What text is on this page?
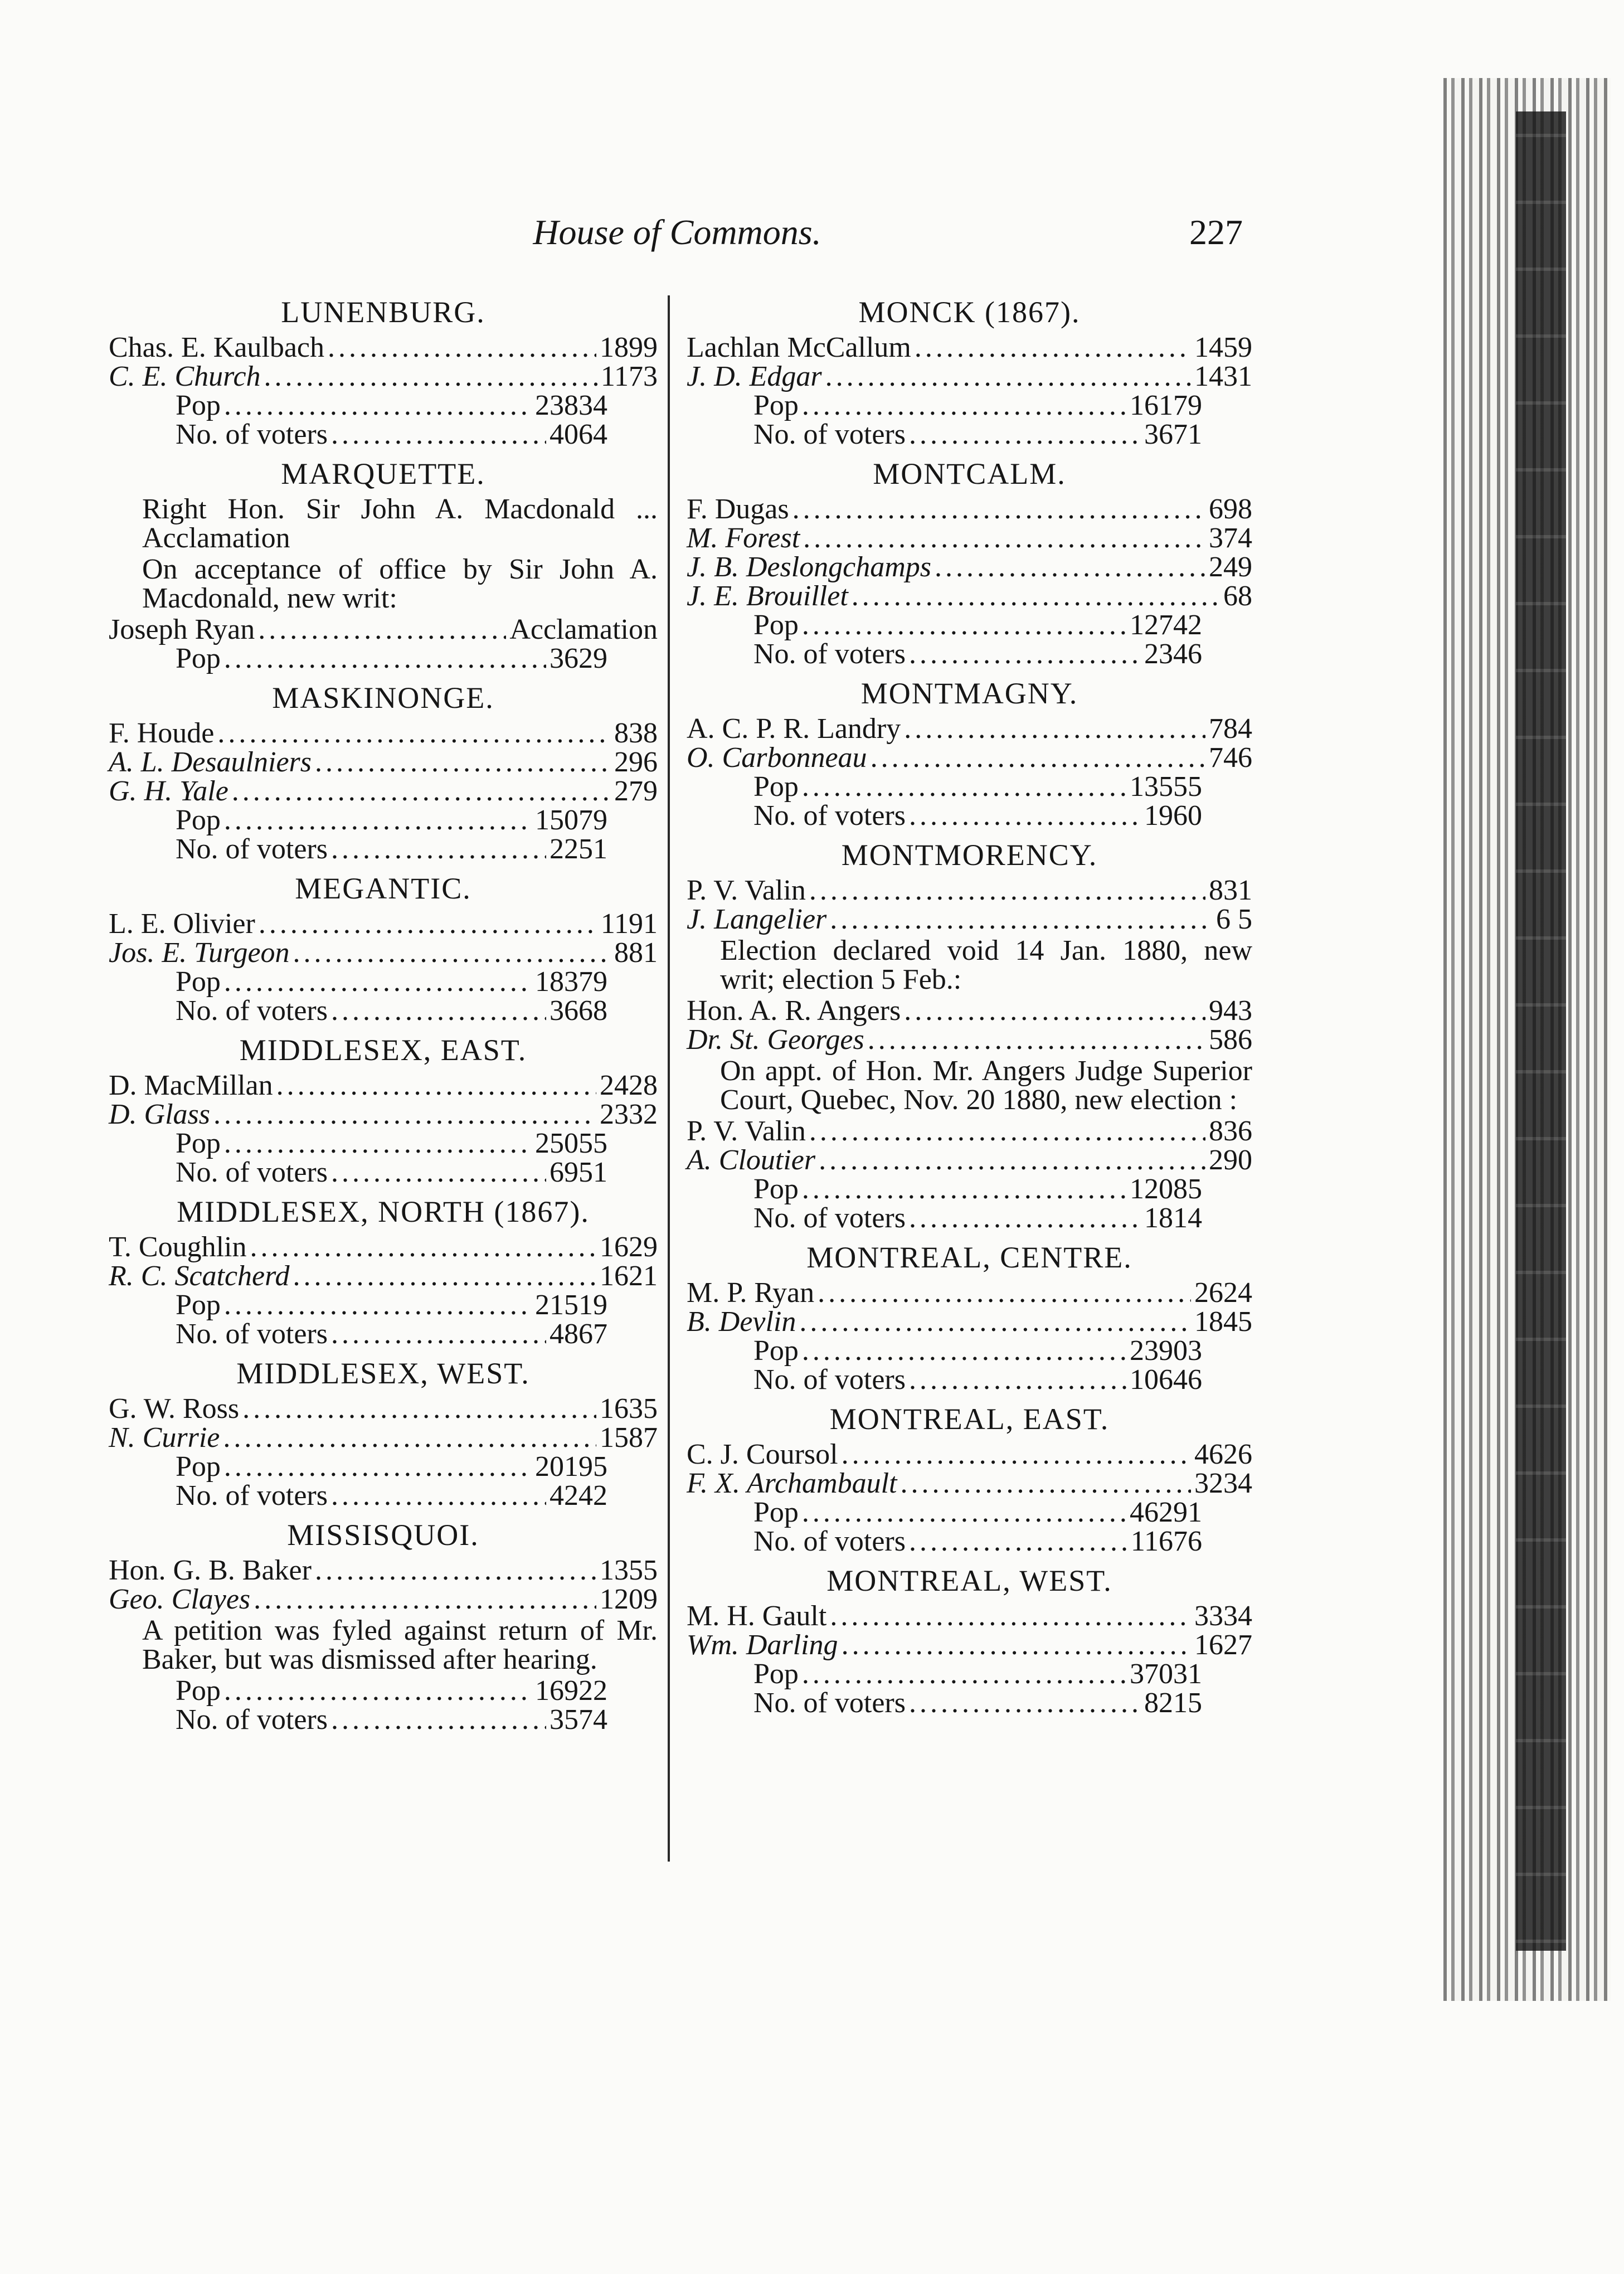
House of Commons.	227
LUNENBURG.
Chas. E. Kaulbach .....	1899
C. E. Church .....	1173
Pop .....	23834
No. of voters .....	4064
MARQUETTE.
Right Hon. Sir John A. Macdonald ... Acclamation
On acceptance of office by Sir John A. Macdonald, new writ:
Joseph Ryan .....	Acclamation
Pop .....	3629
MASKINONGE.
F. Houde .....	838
A. L. Desaulniers .....	296
G. H. Yale .....	279
Pop .....	15079
No. of voters .....	2251
MEGANTIC.
L. E. Olivier .....	1191
Jos. E. Turgeon .....	881
Pop .....	18379
No. of voters .....	3668
MIDDLESEX, EAST.
D. MacMillan .....	2428
D. Glass .....	2332
Pop .....	25055
No. of voters .....	6951
MIDDLESEX, NORTH (1867).
T. Coughlin .....	1629
R. C. Scatcherd .....	1621
Pop .....	21519
No. of voters .....	4867
MIDDLESEX, WEST.
G. W. Ross .....	1635
N. Currie .....	1587
Pop .....	20195
No. of voters .....	4242
MISSISQUOI.
Hon. G. B. Baker .....	1355
Geo. Clayes .....	1209
A petition was fyled against return of Mr. Baker, but was dismissed after hearing.
Pop .....	16922
No. of voters .....	3574
MONCK (1867).
Lachlan McCallum .....	1459
J. D. Edgar .....	1431
Pop .....	16179
No. of voters .....	3671
MONTCALM.
F. Dugas .....	698
M. Forest .....	374
J. B. Deslongchamps .....	249
J. E. Brouillet .....	68
Pop .....	12742
No. of voters .....	2346
MONTMAGNY.
A. C. P. R. Landry .....	784
O. Carbonneau .....	746
Pop .....	13555
No. of voters .....	1960
MONTMORENCY.
P. V. Valin .....	831
J. Langelier .....	6 5
Election declared void 14 Jan. 1880, new writ; election 5 Feb.:
Hon. A. R. Angers .....	943
Dr. St. Georges .....	586
On appt. of Hon. Mr. Angers Judge Superior Court, Quebec, Nov. 20 1880, new election :
P. V. Valin .....	836
A. Cloutier .....	290
Pop .....	12085
No. of voters .....	1814
MONTREAL, CENTRE.
M. P. Ryan .....	2624
B. Devlin .....	1845
Pop .....	23903
No. of voters .....	10646
MONTREAL, EAST.
C. J. Coursol .....	4626
F. X. Archambault .....	3234
Pop .....	46291
No. of voters .....	11676
MONTREAL, WEST.
M. H. Gault .....	3334
Wm. Darling .....	1627
Pop .....	37031
No. of voters .....	8215
